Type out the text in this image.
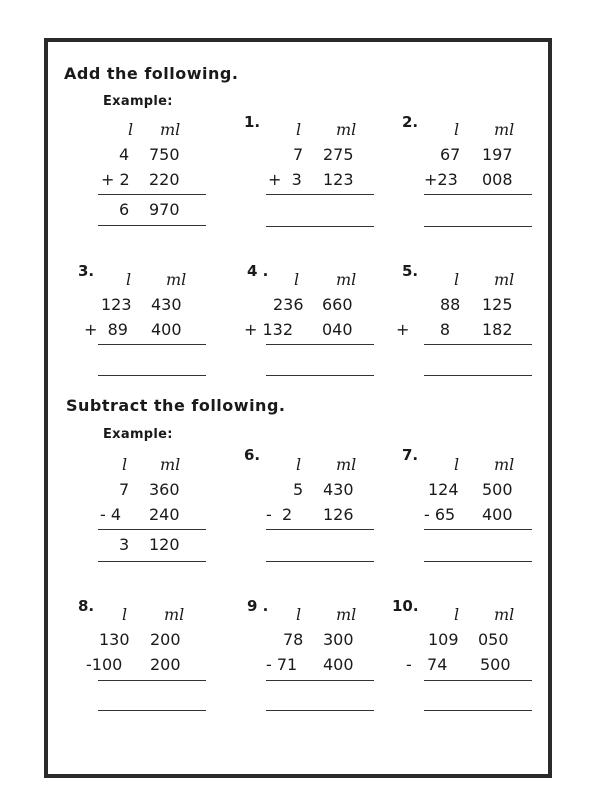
Add the following.
Example:
l ml
4 750
+ 2 220
6 970
1. l ml
7 275
+  3 123
2. l ml
67 197
+23 008
3. l ml
123 430
+  89 400
4 . l ml
236 660
+ 132 040
5. l ml
88 125
+      8 182
Subtract the following.
Example:
l ml
7 360
- 4 240
3 120
6. l ml
5 430
-  2 126
7. l ml
124 500
- 65 400
8. l ml
130 200
-100 200
9 . l ml
78 300
- 71 400
10. l ml
109 050
-   74 500
